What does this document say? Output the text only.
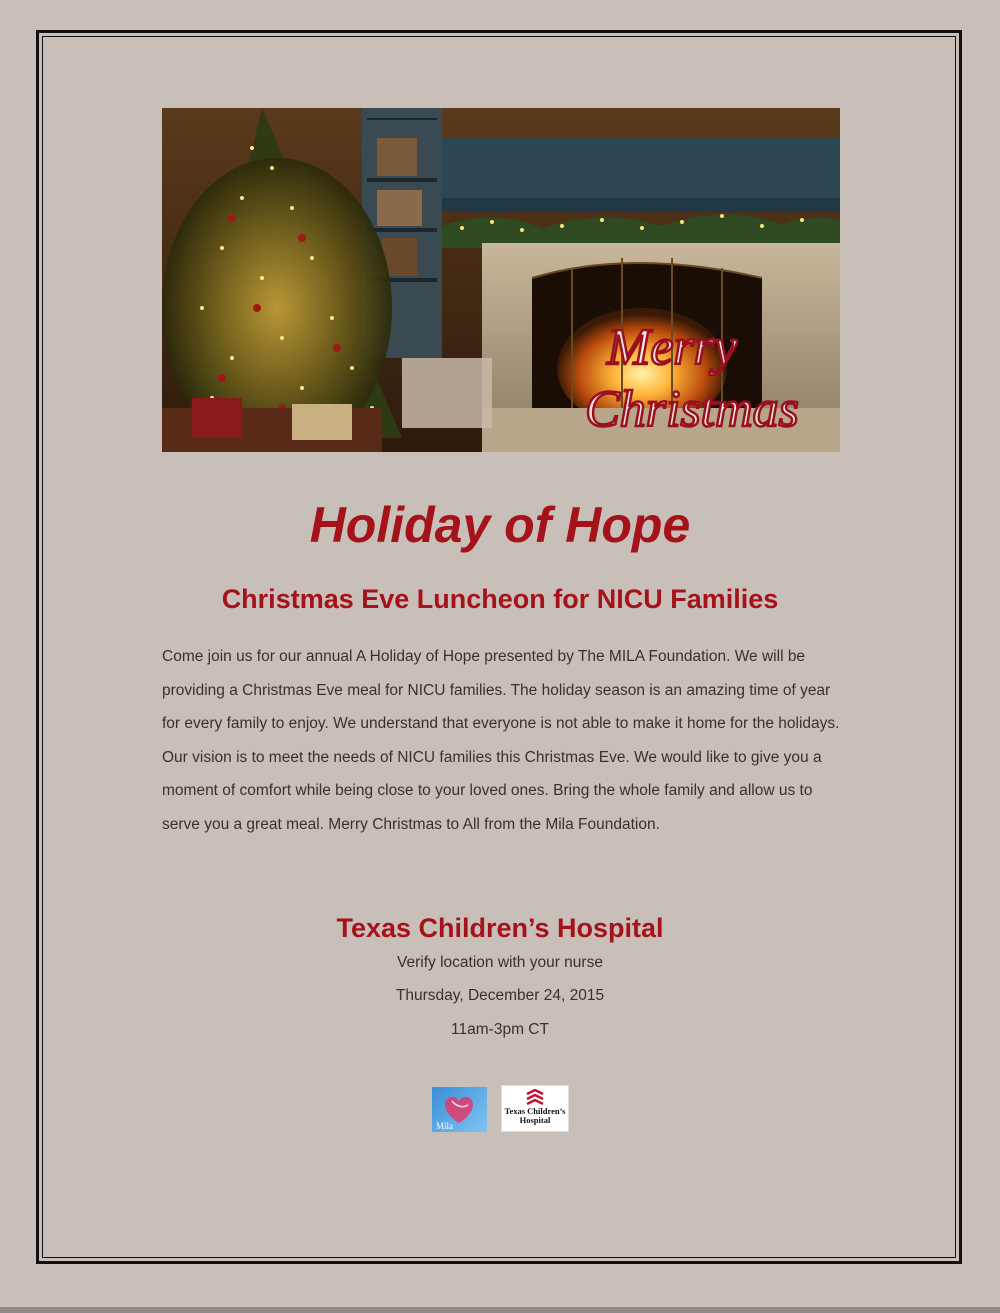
Merry
Christmas
Holiday of Hope
Christmas Eve Luncheon for NICU Families

Come join us for our annual A Holiday of Hope presented by The MILA Foundation. We will be providing a Christmas Eve meal for NICU families. The holiday season is an amazing time of year for every family to enjoy. We understand that everyone is not able to make it home for the holidays. Our vision is to meet the needs of NICU families this Christmas Eve. We would like to give you a moment of comfort while being close to your loved ones. Bring the whole family and allow us to serve you a great meal. Merry Christmas to All from the Mila Foundation.

Texas Children’s Hospital
Verify location with your nurse
Thursday, December 24, 2015
11am-3pm CT
Mila
Texas Children’s
Hospital
